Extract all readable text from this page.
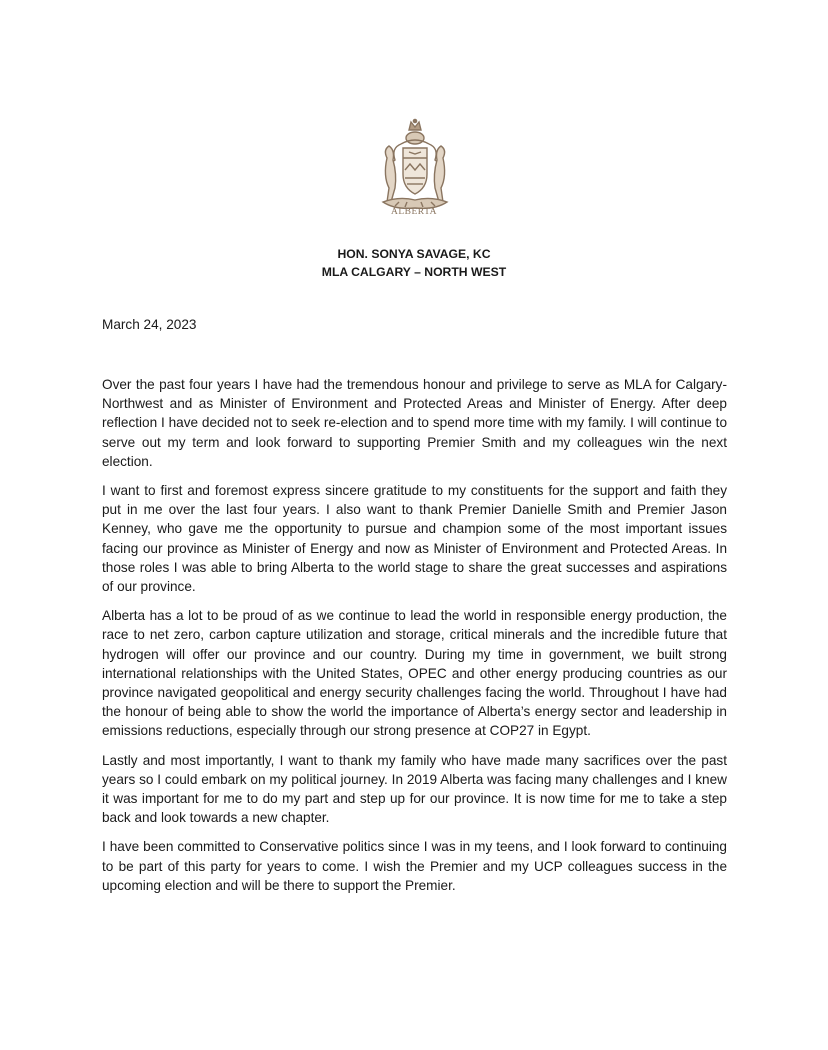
ALBERTA
HON. SONYA SAVAGE, KC
MLA CALGARY – NORTH WEST
March 24, 2023

Over the past four years I have had the tremendous honour and privilege to serve as MLA for Calgary-Northwest and as Minister of Environment and Protected Areas and Minister of Energy. After deep reflection I have decided not to seek re-election and to spend more time with my family. I will continue to serve out my term and look forward to supporting Premier Smith and my colleagues win the next election.

I want to first and foremost express sincere gratitude to my constituents for the support and faith they put in me over the last four years. I also want to thank Premier Danielle Smith and Premier Jason Kenney, who gave me the opportunity to pursue and champion some of the most important issues facing our province as Minister of Energy and now as Minister of Environment and Protected Areas. In those roles I was able to bring Alberta to the world stage to share the great successes and aspirations of our province.

Alberta has a lot to be proud of as we continue to lead the world in responsible energy production, the race to net zero, carbon capture utilization and storage, critical minerals and the incredible future that hydrogen will offer our province and our country. During my time in government, we built strong international relationships with the United States, OPEC and other energy producing countries as our province navigated geopolitical and energy security challenges facing the world. Throughout I have had the honour of being able to show the world the importance of Alberta’s energy sector and leadership in emissions reductions, especially through our strong presence at COP27 in Egypt.

Lastly and most importantly, I want to thank my family who have made many sacrifices over the past years so I could embark on my political journey. In 2019 Alberta was facing many challenges and I knew it was important for me to do my part and step up for our province. It is now time for me to take a step back and look towards a new chapter.

I have been committed to Conservative politics since I was in my teens, and I look forward to continuing to be part of this party for years to come. I wish the Premier and my UCP colleagues success in the upcoming election and will be there to support the Premier.
